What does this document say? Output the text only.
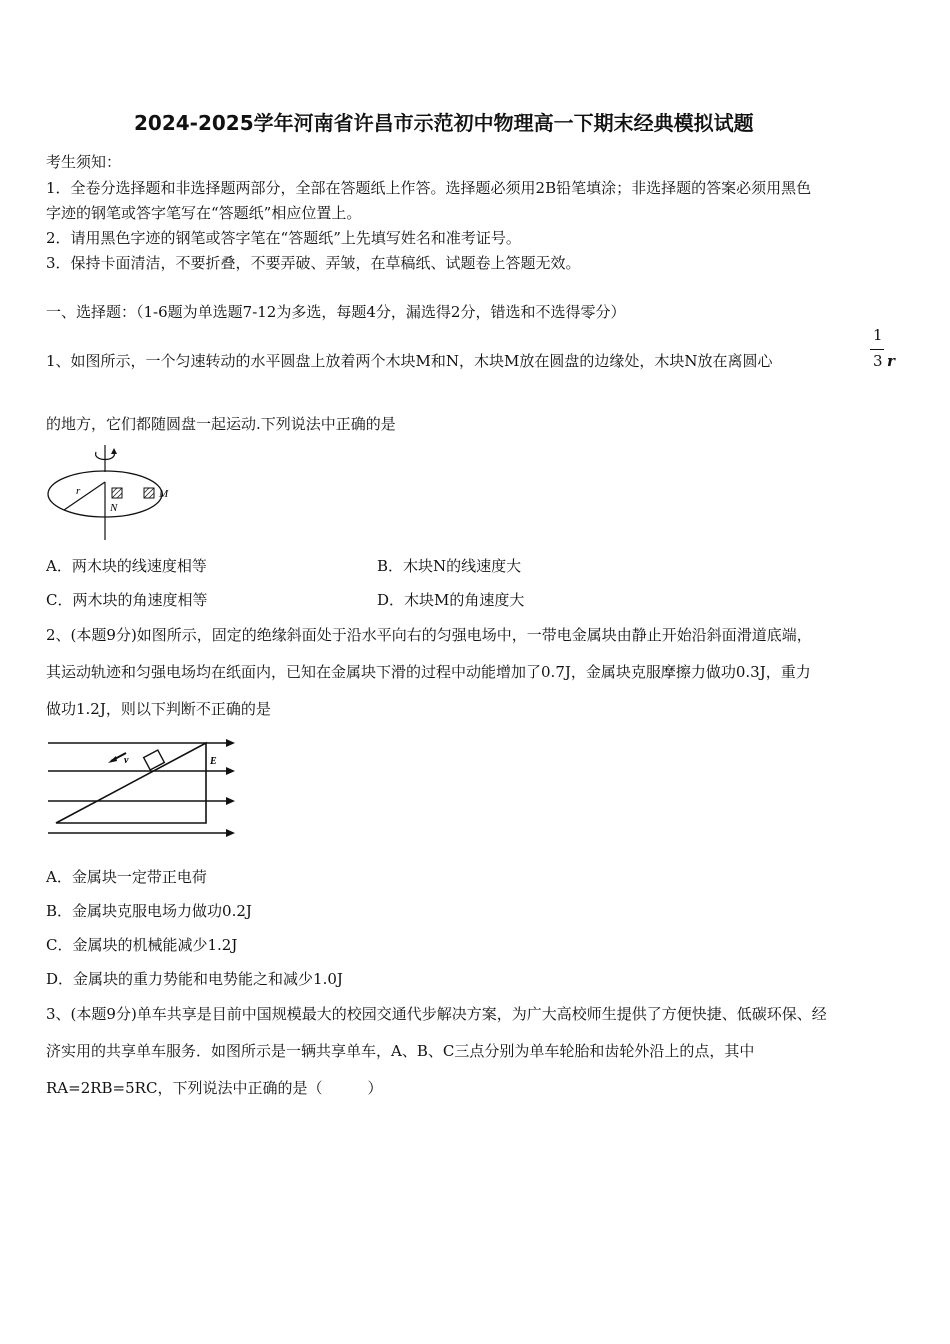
2024-2025学年河南省许昌市示范初中物理高一下期末经典模拟试题
考生须知：
1．全卷分选择题和非选择题两部分，全部在答题纸上作答。选择题必须用2B铅笔填涂；非选择题的答案必须用黑色
字迹的钢笔或答字笔写在“答题纸”相应位置上。
2．请用黑色字迹的钢笔或答字笔在“答题纸”上先填写姓名和准考证号。
3．保持卡面清洁，不要折叠，不要弄破、弄皱，在草稿纸、试题卷上答题无效。
一、选择题：（1-6题为单选题7-12为多选，每题4分，漏选得2分，错选和不选得零分）
1、如图所示，一个匀速转动的水平圆盘上放着两个木块M和N，木块M放在圆盘的边缘处，木块N放在离圆心
1
3 r
的地方，它们都随圆盘一起运动.下列说法中正确的是
r
N
M
A．两木块的线速度相等	B．木块N的线速度大
C．两木块的角速度相等	D．木块M的角速度大
2、(本题9分)如图所示，固定的绝缘斜面处于沿水平向右的匀强电场中，一带电金属块由静止开始沿斜面滑道底端，
其运动轨迹和匀强电场均在纸面内，已知在金属块下滑的过程中动能增加了0.7J，金属块克服摩擦力做功0.3J，重力
做功1.2J，则以下判断不正确的是
v	E
A．金属块一定带正电荷
B．金属块克服电场力做功0.2J
C．金属块的机械能减少1.2J
D．金属块的重力势能和电势能之和减少1.0J
3、(本题9分)单车共享是目前中国规模最大的校园交通代步解决方案，为广大高校师生提供了方便快捷、低碳环保、经
济实用的共享单车服务．如图所示是一辆共享单车，A、B、C三点分别为单车轮胎和齿轮外沿上的点，其中
RA=2RB=5RC，下列说法中正确的是（　　　）
